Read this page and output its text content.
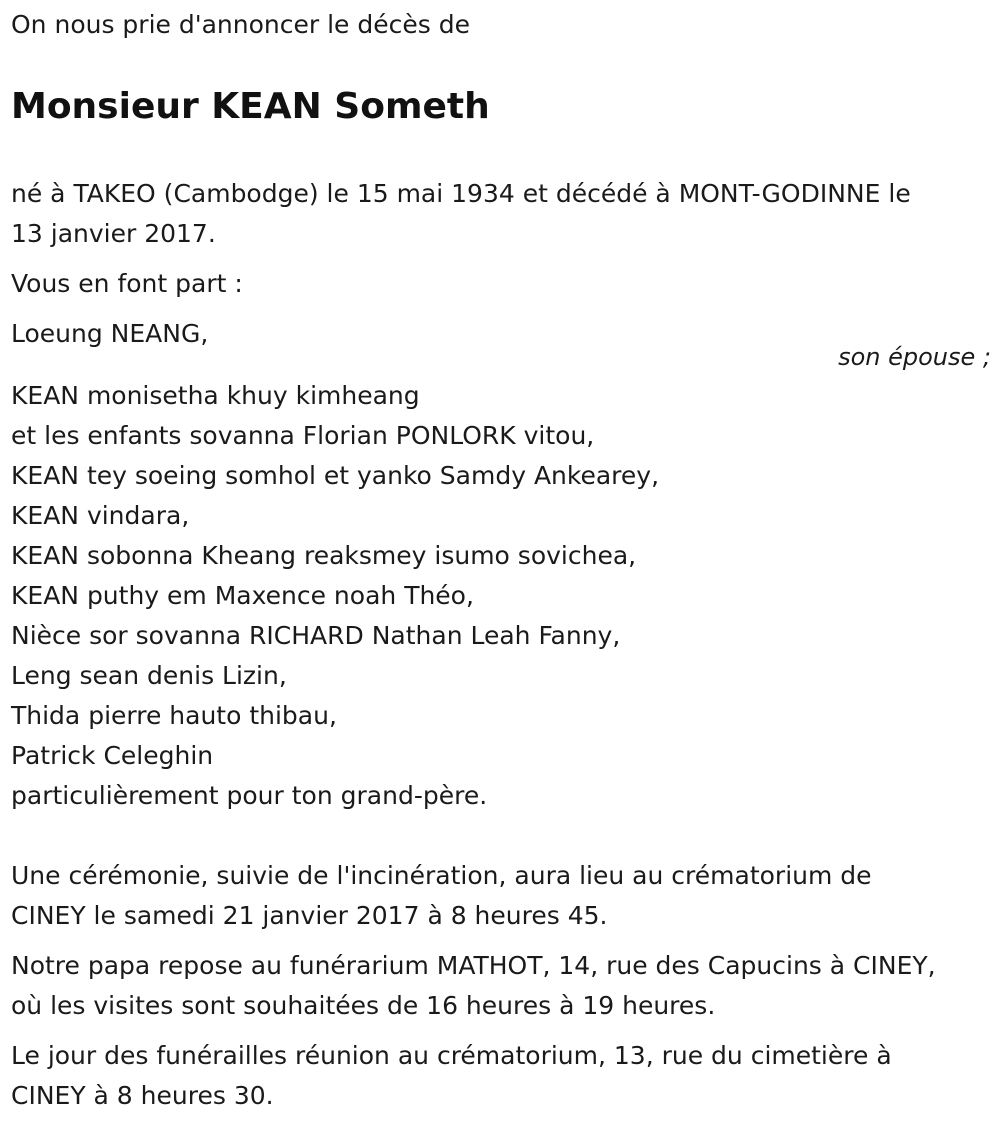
On nous prie d'annoncer le décès de
Monsieur KEAN Someth
né à TAKEO (Cambodge) le 15 mai 1934 et décédé à MONT-GODINNE le
13 janvier 2017.
Vous en font part :
Loeung NEANG,
son épouse ;
KEAN monisetha khuy kimheang
et les enfants sovanna Florian PONLORK vitou,
KEAN tey soeing somhol et yanko Samdy Ankearey,
KEAN vindara,
KEAN sobonna Kheang reaksmey isumo sovichea,
KEAN puthy em Maxence noah Théo,
Nièce sor sovanna RICHARD Nathan Leah Fanny,
Leng sean denis Lizin,
Thida pierre hauto thibau,
Patrick Celeghin
particulièrement pour ton grand-père.
Une cérémonie, suivie de l'incinération, aura lieu au crématorium de
CINEY le samedi 21 janvier 2017 à 8 heures 45.
Notre papa repose au funérarium MATHOT, 14, rue des Capucins à CINEY,
où les visites sont souhaitées de 16 heures à 19 heures.
Le jour des funérailles réunion au crématorium, 13, rue du cimetière à
CINEY à 8 heures 30.
